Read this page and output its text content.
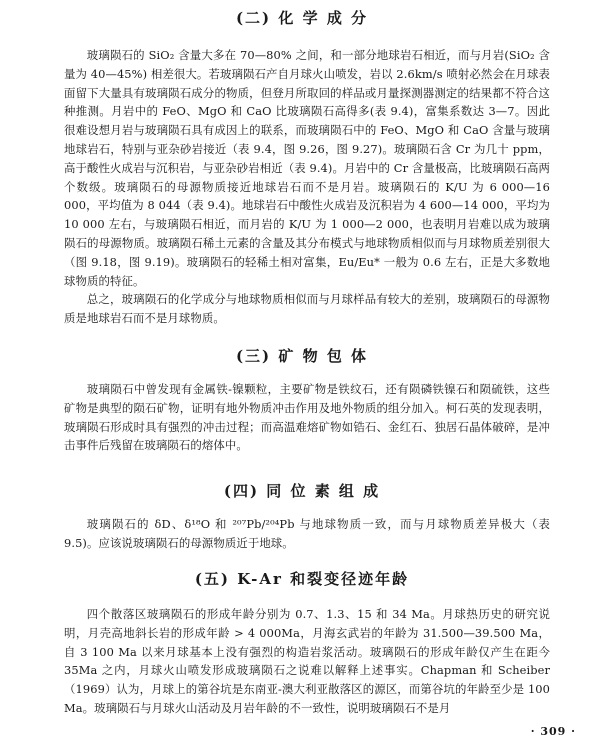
(二) 化 学 成 分

玻璃陨石的 SiO₂ 含量大多在 70—80% 之间，和一部分地球岩石相近，而与月岩(SiO₂ 含量为 40—45%) 相差很大。若玻璃陨石产自月球火山喷发，岩以 2.6km/s 喷射必然会在月球表面留下大量具有玻璃陨石成分的物质，但登月所取回的样品或月量探测器测定的结果都不符合这种推测。月岩中的 FeO、MgO 和 CaO 比玻璃陨石高得多(表 9.4)，富集系数达 3—7。因此很难设想月岩与玻璃陨石具有成因上的联系，而玻璃陨石中的 FeO、MgO 和 CaO 含量与玻璃地球岩石，特别与亚杂砂岩接近（表 9.4，图 9.26，图 9.27)。玻璃陨石含 Cr 为几十 ppm，高于酸性火成岩与沉积岩，与亚杂砂岩相近（表 9.4)。月岩中的 Cr 含量极高，比玻璃陨石高两个数级。玻璃陨石的母源物质接近地球岩石而不是月岩。玻璃陨石的 K/U 为 6 000—16 000，平均值为 8 044（表 9.4)。地球岩石中酸性火成岩及沉积岩为 4 600—14 000，平均为 10 000 左右，与玻璃陨石相近，而月岩的 K/U 为 1 000—2 000，也表明月岩难以成为玻璃陨石的母源物质。玻璃陨石稀土元素的含量及其分布模式与地球物质相似而与月球物质差别很大（图 9.18，图 9.19)。玻璃陨石的轻稀土相对富集，Eu/Eu* 一般为 0.6 左右，正是大多数地球物质的特征。

总之，玻璃陨石的化学成分与地球物质相似而与月球样品有较大的差别，玻璃陨石的母源物质是地球岩石而不是月球物质。

(三) 矿 物 包 体

玻璃陨石中曾发现有金属铁-镍颗粒，主要矿物是铁纹石，还有陨磷铁镍石和陨硫铁，这些矿物是典型的陨石矿物，证明有地外物质冲击作用及地外物质的组分加入。柯石英的发现表明，玻璃陨石形成时具有强烈的冲击过程；而高温难熔矿物如锆石、金红石、独居石晶体破碎，是冲击事件后残留在玻璃陨石的熔体中。

(四) 同 位 素 组 成

玻璃陨石的 δD、δ¹⁸O 和 ²⁰⁷Pb/²⁰⁴Pb 与地球物质一致，而与月球物质差异极大（表 9.5)。应该说玻璃陨石的母源物质近于地球。

(五) K-Ar 和裂变径迹年龄

四个散落区玻璃陨石的形成年龄分别为 0.7、1.3、15 和 34 Ma。月球热历史的研究说明，月壳高地斜长岩的形成年龄 > 4 000Ma，月海玄武岩的年龄为 31.500—39.500 Ma，自 3 100 Ma 以来月球基本上没有强烈的构造岩浆活动。玻璃陨石的形成年龄仅产生在距今 35Ma 之内，月球火山喷发形成玻璃陨石之说难以解释上述事实。Chapman 和 Scheiber（1969）认为，月球上的第谷坑是东南亚-澳大利亚散落区的源区，而第谷坑的年龄至少是 100 Ma。玻璃陨石与月球火山活动及月岩年龄的不一致性，说明玻璃陨石不是月

· 309 ·
